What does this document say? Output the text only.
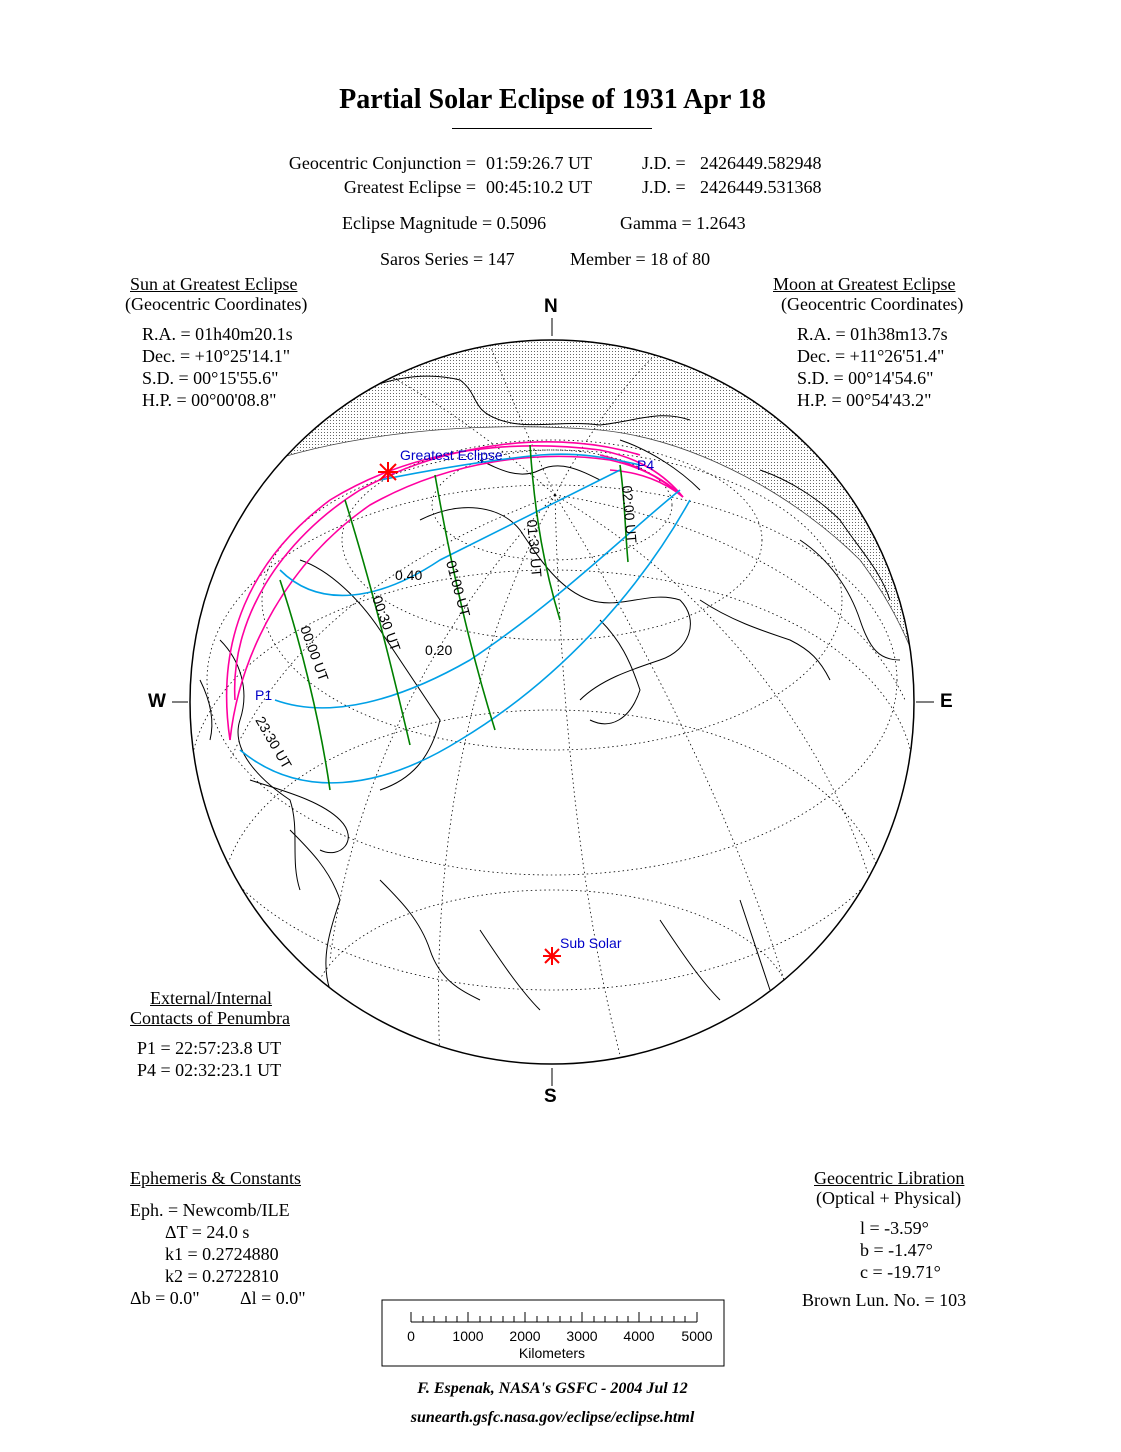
Partial Solar Eclipse of 1931 Apr 18
Geocentric Conjunction = 01:59:26.7 UT	J.D. = 2426449.582948
Greatest Eclipse = 00:45:10.2 UT	J.D. = 2426449.531368
Eclipse Magnitude = 0.5096	Gamma = 1.2643
Saros Series = 147	Member = 18 of 80
Sun at Greatest Eclipse
(Geocentric Coordinates)
R.A. = 01h40m20.1s
Dec. = +10°25'14.1"
S.D. = 00°15'55.6"
H.P. = 00°00'08.8"
Moon at Greatest Eclipse
(Geocentric Coordinates)
R.A. = 01h38m13.7s
Dec. = +11°26'51.4"
S.D. = 00°14'54.6"
H.P. = 00°54'43.2"
External/Internal
Contacts of Penumbra
P1 = 22:57:23.8 UT
P4 = 02:32:23.1 UT
Ephemeris & Constants
Eph. = Newcomb/ILE
ΔT = 24.0 s
k1 = 0.2724880
k2 = 0.2722810
Δb = 0.0" Δl = 0.0"
Geocentric Libration
(Optical + Physical)
l = -3.59°
b = -1.47°
c = -19.71°
Brown Lun. No. = 103
N
S
E
W
Greatest Eclipse
Sub Solar
P1
P4
0.40
0.20
23:30 UT
00:00 UT
00:30 UT
01:00 UT
01:30 UT
02:00 UT
0	1000 2000 3000 4000 5000
Kilometers
F. Espenak, NASA's GSFC - 2004 Jul 12
sunearth.gsfc.nasa.gov/eclipse/eclipse.html
